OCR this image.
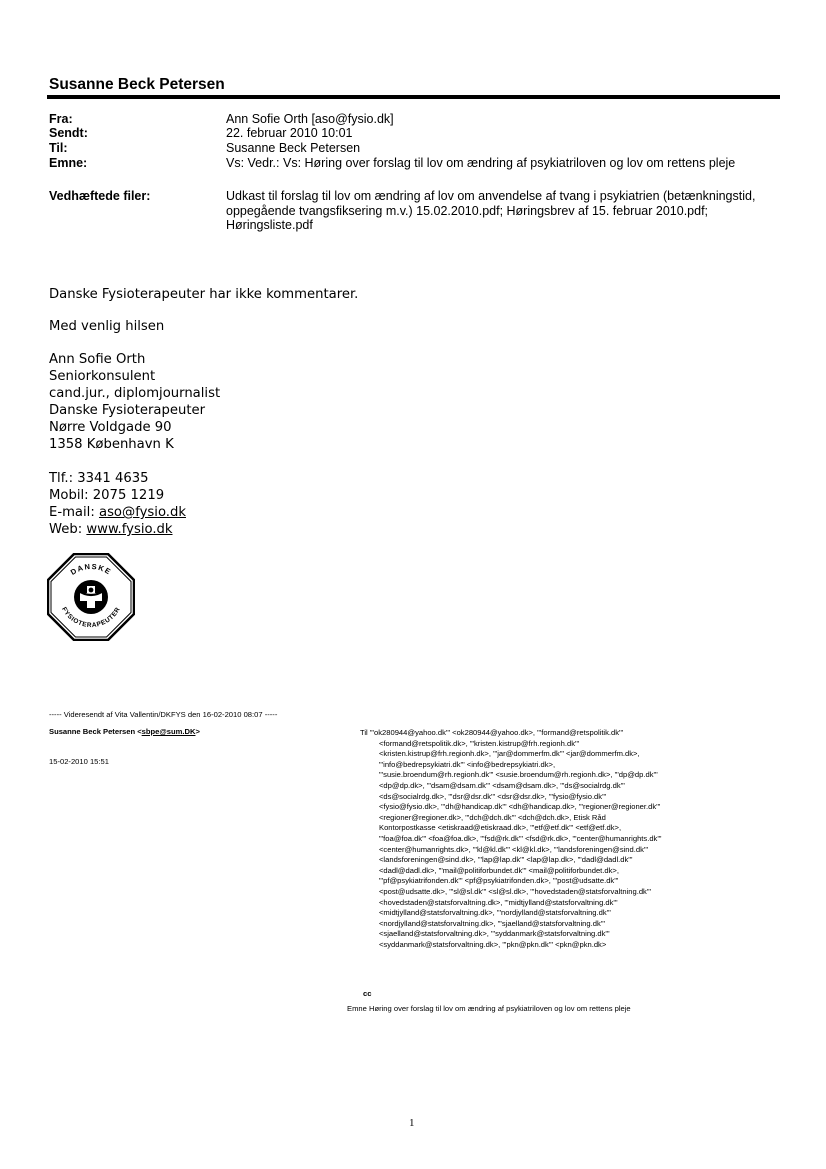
Susanne Beck Petersen
Fra:	Ann Sofie Orth [aso@fysio.dk]
Sendt:	22. februar 2010 10:01
Til:	Susanne Beck Petersen
Emne:	Vs: Vedr.: Vs: Høring over forslag til lov om ændring af psykiatriloven og lov om rettens pleje
Vedhæftede filer:	Udkast til forslag til lov om ændring af lov om anvendelse af tvang i psykiatrien (betænkningstid, oppegående tvangsfiksering m.v.) 15.02.2010.pdf; Høringsbrev af 15. februar 2010.pdf; Høringsliste.pdf
Danske Fysioterapeuter har ikke kommentarer.
Med venlig hilsen
Ann Sofie Orth
Seniorkonsulent
cand.jur., diplomjournalist
Danske Fysioterapeuter
Nørre Voldgade 90
1358 København K
Tlf.: 3341 4635
Mobil: 2075 1219
E-mail: aso@fysio.dk
Web: www.fysio.dk
DANSKE
FYSIOTERAPEUTER
----- Videresendt af Vita Vallentin/DKFYS den 16-02-2010 08:07 -----
Susanne Beck Petersen <sbpe@sum.DK>
15-02-2010 15:51
Til "'ok280944@yahoo.dk'" <ok280944@yahoo.dk>, "'formand@retspolitik.dk'"
<formand@retspolitik.dk>, "'kristen.kistrup@frh.regionh.dk'"
<kristen.kistrup@frh.regionh.dk>, "'jar@dommerfm.dk'" <jar@dommerfm.dk>,
"'info@bedrepsykiatri.dk'" <info@bedrepsykiatri.dk>,
"'susie.broendum@rh.regionh.dk'" <susie.broendum@rh.regionh.dk>, "'dp@dp.dk'"
<dp@dp.dk>, "'dsam@dsam.dk'" <dsam@dsam.dk>, "'ds@socialrdg.dk'"
<ds@socialrdg.dk>, "'dsr@dsr.dk'" <dsr@dsr.dk>, "'fysio@fysio.dk'"
<fysio@fysio.dk>, "'dh@handicap.dk'" <dh@handicap.dk>, "'regioner@regioner.dk'"
<regioner@regioner.dk>, "'dch@dch.dk'" <dch@dch.dk>, Etisk Råd
Kontorpostkasse <etiskraad@etiskraad.dk>, "'etf@etf.dk'" <etf@etf.dk>,
"'foa@foa.dk'" <foa@foa.dk>, "'fsd@rk.dk'" <fsd@rk.dk>, "'center@humanrights.dk'"
<center@humanrights.dk>, "'kl@kl.dk'" <kl@kl.dk>, "'landsforeningen@sind.dk'"
<landsforeningen@sind.dk>, "'lap@lap.dk'" <lap@lap.dk>, "'dadl@dadl.dk'"
<dadl@dadl.dk>, "'mail@politiforbundet.dk'" <mail@politiforbundet.dk>,
"'pf@psykiatrifonden.dk'" <pf@psykiatrifonden.dk>, "'post@udsatte.dk'"
<post@udsatte.dk>, "'sl@sl.dk'" <sl@sl.dk>, "'hovedstaden@statsforvaltning.dk'"
<hovedstaden@statsforvaltning.dk>, "'midtjylland@statsforvaltning.dk'"
<midtjylland@statsforvaltning.dk>, "'nordjylland@statsforvaltning.dk'"
<nordjylland@statsforvaltning.dk>, "'sjaelland@statsforvaltning.dk'"
<sjaelland@statsforvaltning.dk>, "'syddanmark@statsforvaltning.dk'"
<syddanmark@statsforvaltning.dk>, "'pkn@pkn.dk'" <pkn@pkn.dk>
cc
Emne Høring over forslag til lov om ændring af psykiatriloven og lov om rettens pleje
1
